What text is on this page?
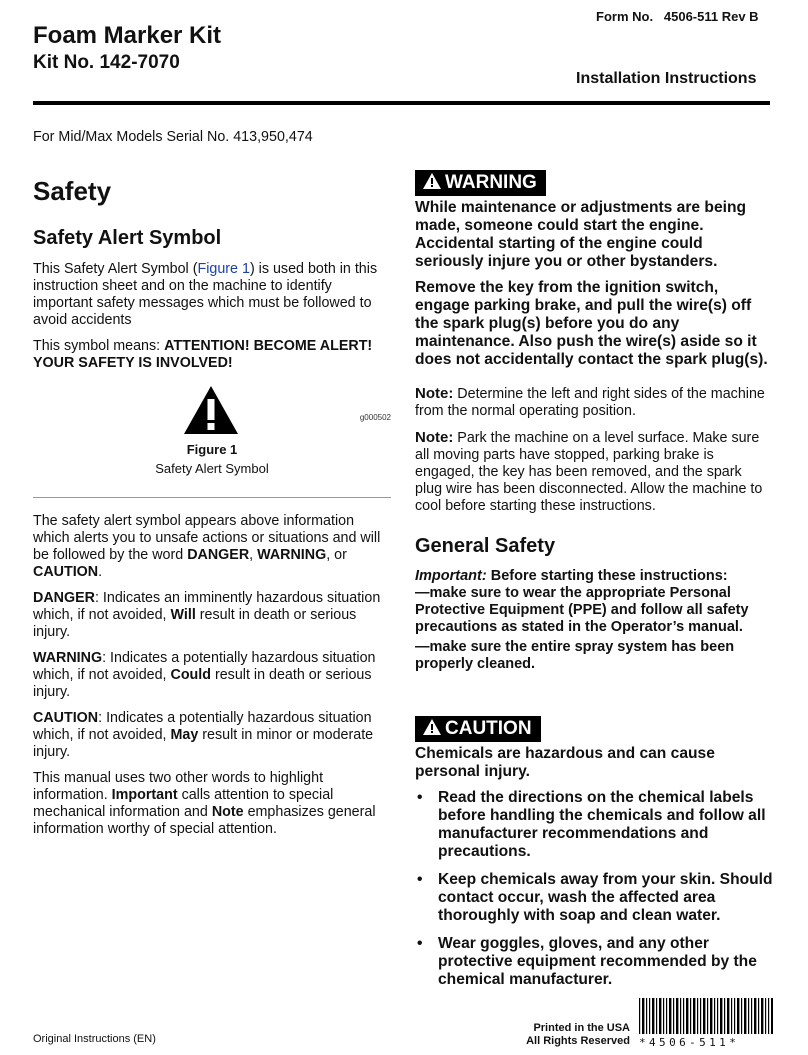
Foam Marker Kit
Kit No. 142-7070
Form No.   4506-511 Rev B
Installation Instructions
For Mid/Max Models Serial No. 413,950,474
Safety
Safety Alert Symbol

This Safety Alert Symbol (Figure 1) is used both in this instruction sheet and on the machine to identify important safety messages which must be followed to avoid accidents

This symbol means: ATTENTION! BECOME ALERT! YOUR SAFETY IS INVOLVED!

g000502
Figure 1
Safety Alert Symbol

The safety alert symbol appears above information which alerts you to unsafe actions or situations and will be followed by the word DANGER, WARNING, or CAUTION.

DANGER: Indicates an imminently hazardous situation which, if not avoided, Will result in death or serious injury.

WARNING: Indicates a potentially hazardous situation which, if not avoided, Could result in death or serious injury.

CAUTION: Indicates a potentially hazardous situation which, if not avoided, May result in minor or moderate injury.

This manual uses two other words to highlight information. Important calls attention to special mechanical information and Note emphasizes general information worthy of special attention.

WARNING

While maintenance or adjustments are being made, someone could start the engine. Accidental starting of the engine could seriously injure you or other bystanders.

Remove the key from the ignition switch, engage parking brake, and pull the wire(s) off the spark plug(s) before you do any maintenance. Also push the wire(s) aside so it does not accidentally contact the spark plug(s).

Note: Determine the left and right sides of the machine from the normal operating position.

Note: Park the machine on a level surface. Make sure all moving parts have stopped, parking brake is engaged, the key has been removed, and the spark plug wire has been disconnected. Allow the machine to cool before starting these instructions.

General Safety

Important: Before starting these instructions:

—make sure to wear the appropriate Personal Protective Equipment (PPE) and follow all safety precautions as stated in the Operator’s manual.

—make sure the entire spray system has been properly cleaned.

CAUTION

Chemicals are hazardous and can cause personal injury.

• Read the directions on the chemical labels before handling the chemicals and follow all manufacturer recommendations and precautions.
• Keep chemicals away from your skin. Should contact occur, wash the affected area thoroughly with soap and clean water.
• Wear goggles, gloves, and any other protective equipment recommended by the chemical manufacturer.
Original Instructions (EN)
Printed in the USA
All Rights Reserved *4506-511*
